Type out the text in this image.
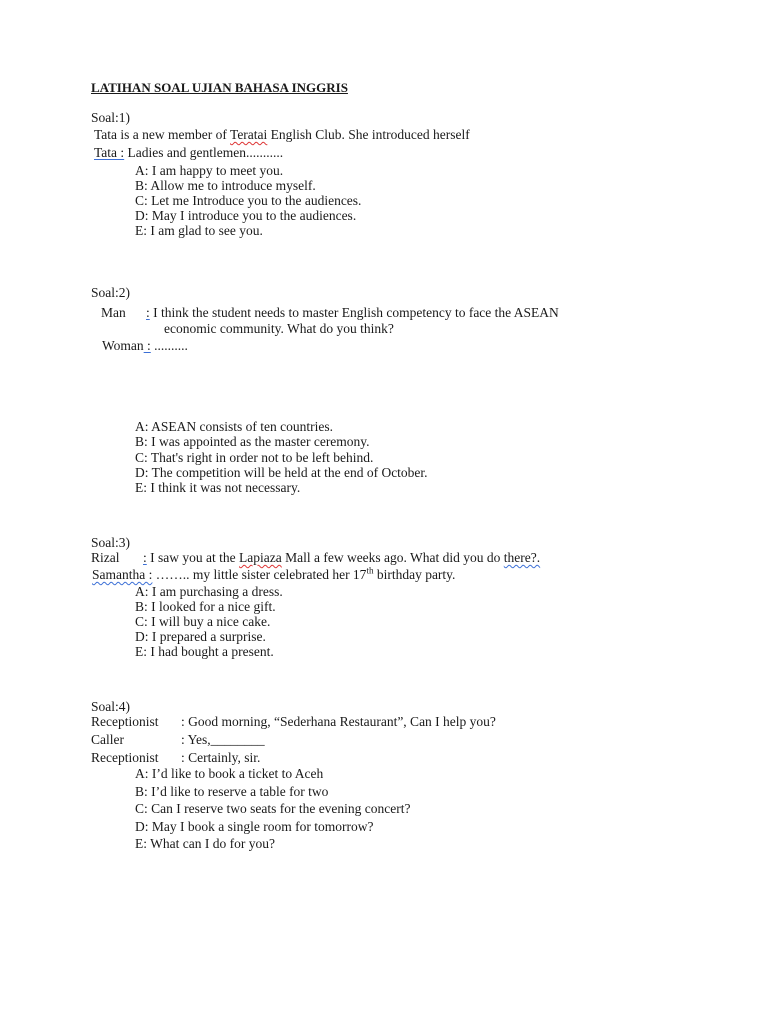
LATIHAN SOAL UJIAN BAHASA INGGRIS
Soal:1)
Tata is a new member of Teratai English Club. She introduced herself
Tata : Ladies and gentlemen...........
A: I am happy to meet you.
B: Allow me to introduce myself.
C: Let me Introduce you to the audiences.
D: May I introduce you to the audiences.
E: I am glad to see you.
Soal:2)
Man : I think the student needs to master English competency to face the ASEAN
economic community. What do you think?
Woman : ..........
A: ASEAN consists of ten countries.
B: I was appointed as the master ceremony.
C: That's right in order not to be left behind.
D: The competition will be held at the end of October.
E: I think it was not necessary.
Soal:3)
Rizal : I saw you at the Lapiaza Mall a few weeks ago. What did you do there?.
Samantha : …….. my little sister celebrated her 17th birthday party.
A: I am purchasing a dress.
B: I looked for a nice gift.
C: I will buy a nice cake.
D: I prepared a surprise.
E: I had bought a present.
Soal:4)
Receptionist : Good morning, “Sederhana Restaurant”, Can I help you?
Caller	: Yes,________
Receptionist : Certainly, sir.
A: I’d like to book a ticket to Aceh
B: I’d like to reserve a table for two
C: Can I reserve two seats for the evening concert?
D: May I book a single room for tomorrow?
E: What can I do for you?
